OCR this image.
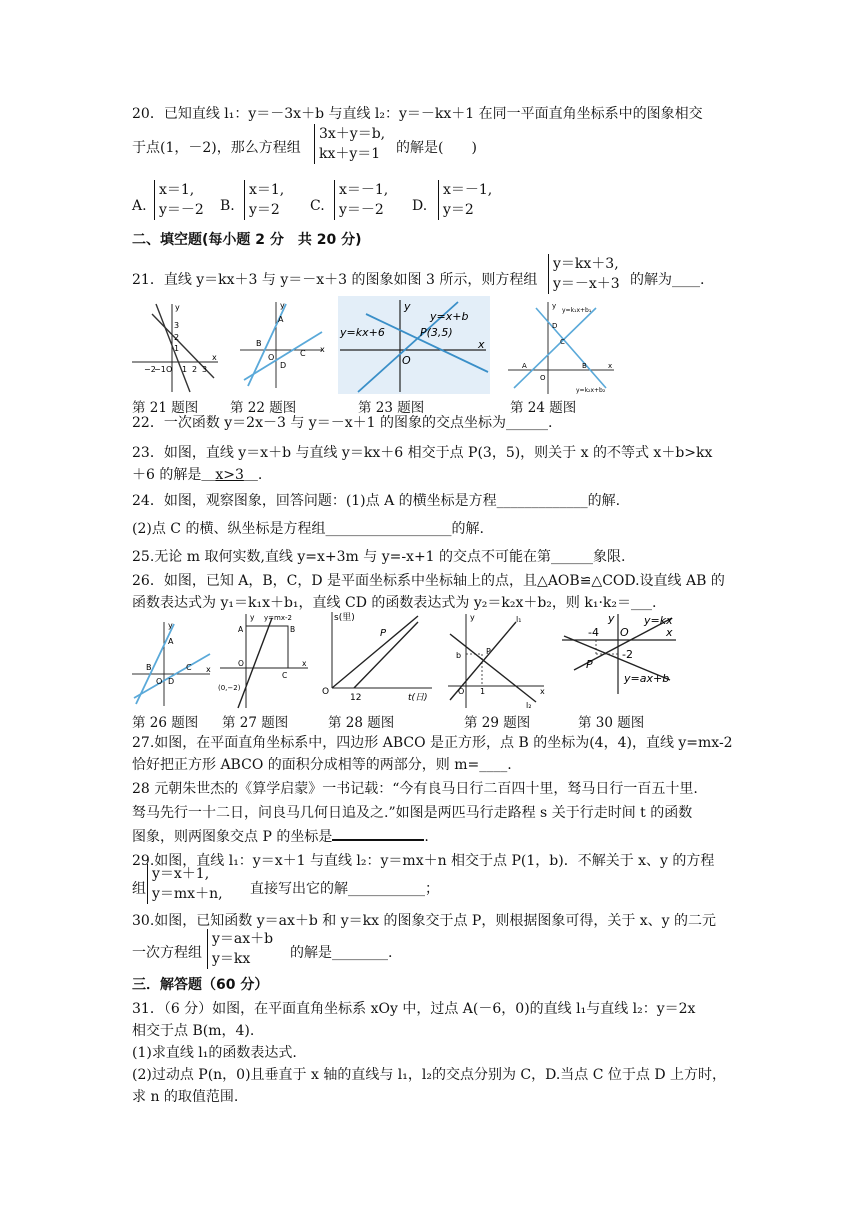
20．已知直线 l₁：y＝－3x＋b 与直线 l₂：y＝－kx＋1 在同一平面直角坐标系中的图象相交
于点(1，－2)，那么方程组
3x＋y＝b,
kx＋y＝1	的解是(　　)
A.
x＝1,
y＝－2 B.
x＝1,
y＝2	C.
x＝－1,
y＝－2	D.
x＝－1,
y＝2
二、填空题(每小题 2 分　共 20 分)
21．直线 y＝kx＋3 与 y＝－x＋3 的图象如图 3 所示，则方程组
y＝kx＋3,
y＝－x＋3 的解为____.
3
2
1
−2
−1 O 1 2 3
x
y	y
A
B
C x
O
D
y
y=x+b
P(3,5)
y=kx+6
x
O
y
y=k₁x+b₁
D
C
A	B
O
x
y=k₂x+b₂
第 21 题图 第 22 题图	第 23 题图	第 24 题图
22．一次函数 y＝2x－3 与 y＝－x＋1 的图象的交点坐标为______.
23．如图，直线 y＝x＋b 与直线 y＝kx＋6 相交于点 P(3，5)，则关于 x 的不等式 x＋b>kx
＋6 的解是＿x>3＿.
24．如图，观察图象，回答问题：(1)点 A 的横坐标是方程_____________的解.
(2)点 C 的横、纵坐标是方程组__________________的解.
25.无论 m 取何实数,直线 y=x+3m 与 y=-x+1 的交点不可能在第______象限.
26．如图，已知 A，B，C，D 是平面坐标系中坐标轴上的点，且△AOB≌△COD.设直线 AB 的
函数表达式为 y₁＝k₁x＋b₁，直线 CD 的函数表达式为 y₂＝k₂x＋b₂，则 k₁·k₂＝___.
y
A
B	C
O D
x
y y=mx-2
A	B
O
C
x
(0,−2)
s(里)
P
O
12	t(日)
y	l₁
b	P
O 1	x
l₂
y	y=kx
-4 O	x
-2
P
y=ax+b
第 26 题图 第 27 题图	第 28 题图	第 29 题图	第 30 题图
27.如图，在平面直角坐标系中，四边形 ABCO 是正方形，点 B 的坐标为(4，4)，直线 y=mx-2
恰好把正方形 ABCO 的面积分成相等的两部分，则 m=____.
28 元朝朱世杰的《算学启蒙》一书记载：“今有良马日行二百四十里，驽马日行一百五十里.
驽马先行一十二日，问良马几何日追及之.”如图是两匹马行走路程 s 关于行走时间 t 的函数
图象，则两图象交点 P 的坐标是	.
29.如图，直线 l₁：y＝x＋1 与直线 l₂：y＝mx＋n 相交于点 P(1，b)．不解关于 x、y 的方程
组
y＝x＋1,
y＝mx＋n, 直接写出它的解___________；
30.如图，已知函数 y＝ax＋b 和 y＝kx 的图象交于点 P，则根据图象可得，关于 x、y 的二元
一次方程组
y＝ax＋b
y＝kx	的解是________.
三．解答题（60 分）
31．（6 分）如图，在平面直角坐标系 xOy 中，过点 A(－6，0)的直线 l₁与直线 l₂：y＝2x
相交于点 B(m，4).
(1)求直线 l₁的函数表达式.
(2)过动点 P(n，0)且垂直于 x 轴的直线与 l₁，l₂的交点分别为 C，D.当点 C 位于点 D 上方时，
求 n 的取值范围.
